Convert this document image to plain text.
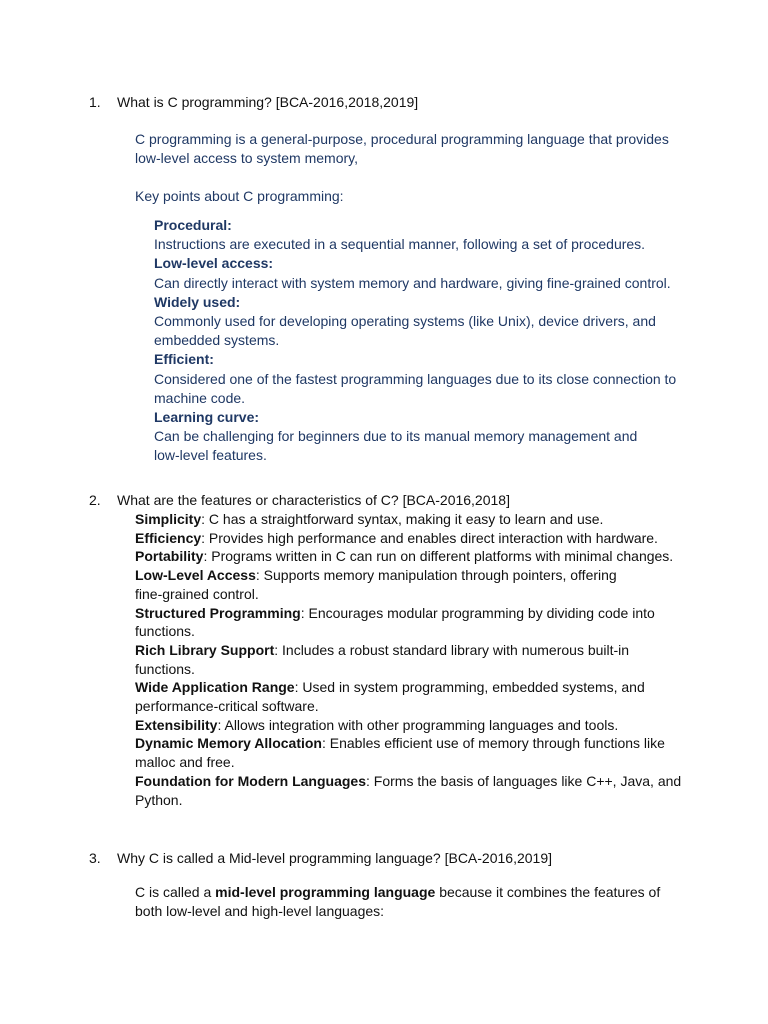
1. What is C programming? [BCA-2016,2018,2019]

C programming is a general-purpose, procedural programming language that provides
low-level access to system memory,

Key points about C programming:

Procedural:
Instructions are executed in a sequential manner, following a set of procedures.
Low-level access:
Can directly interact with system memory and hardware, giving fine-grained control.
Widely used:
Commonly used for developing operating systems (like Unix), device drivers, and
embedded systems.
Efficient:
Considered one of the fastest programming languages due to its close connection to
machine code.
Learning curve:
Can be challenging for beginners due to its manual memory management and
low-level features.

2. What are the features or characteristics of C? [BCA-2016,2018]

Simplicity: C has a straightforward syntax, making it easy to learn and use.
Efficiency: Provides high performance and enables direct interaction with hardware.
Portability: Programs written in C can run on different platforms with minimal changes.
Low-Level Access: Supports memory manipulation through pointers, offering
fine-grained control.
Structured Programming: Encourages modular programming by dividing code into
functions.
Rich Library Support: Includes a robust standard library with numerous built-in
functions.
Wide Application Range: Used in system programming, embedded systems, and
performance-critical software.
Extensibility: Allows integration with other programming languages and tools.
Dynamic Memory Allocation: Enables efficient use of memory through functions like
malloc and free.
Foundation for Modern Languages: Forms the basis of languages like C++, Java, and
Python.

3. Why C is called a Mid-level programming language? [BCA-2016,2019]

C is called a mid-level programming language because it combines the features of
both low-level and high-level languages:
